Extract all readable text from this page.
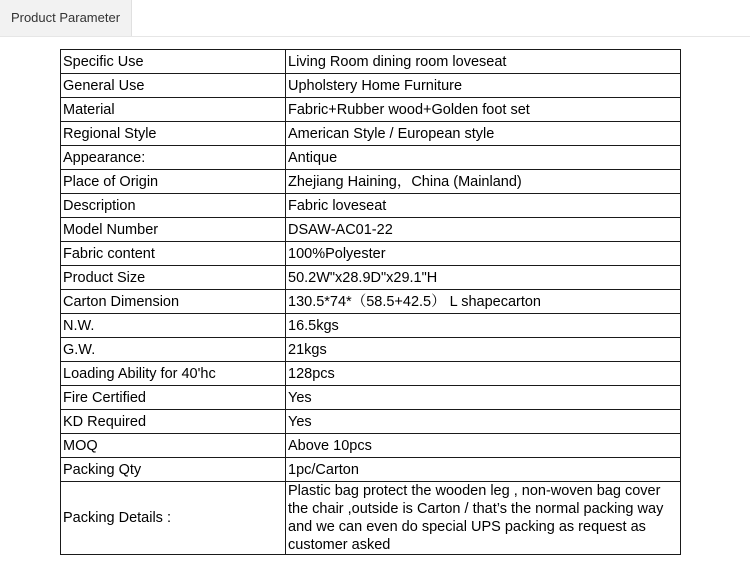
Product Parameter
Specific Use	Living Room dining room loveseat
General Use	Upholstery Home Furniture
Material	Fabric+Rubber wood+Golden foot set
Regional Style	American Style / European style
Appearance:	Antique
Place of Origin	Zhejiang Haining，China (Mainland)
Description	Fabric loveseat
Model Number	DSAW-AC01-22
Fabric content	100%Polyester
Product Size	50.2W"x28.9D"x29.1"H
Carton Dimension	130.5*74*（58.5+42.5） L shapecarton
N.W.	16.5kgs
G.W.	21kgs
Loading Ability for 40'hc	128pcs
Fire Certified	Yes
KD Required	Yes
MOQ	Above 10pcs
Packing Qty	1pc/Carton
Packing Details :	Plastic bag protect the wooden leg , non-woven bag cover the chair ,outside is Carton / that’s the normal packing way and we can even do special UPS packing as request as customer asked
